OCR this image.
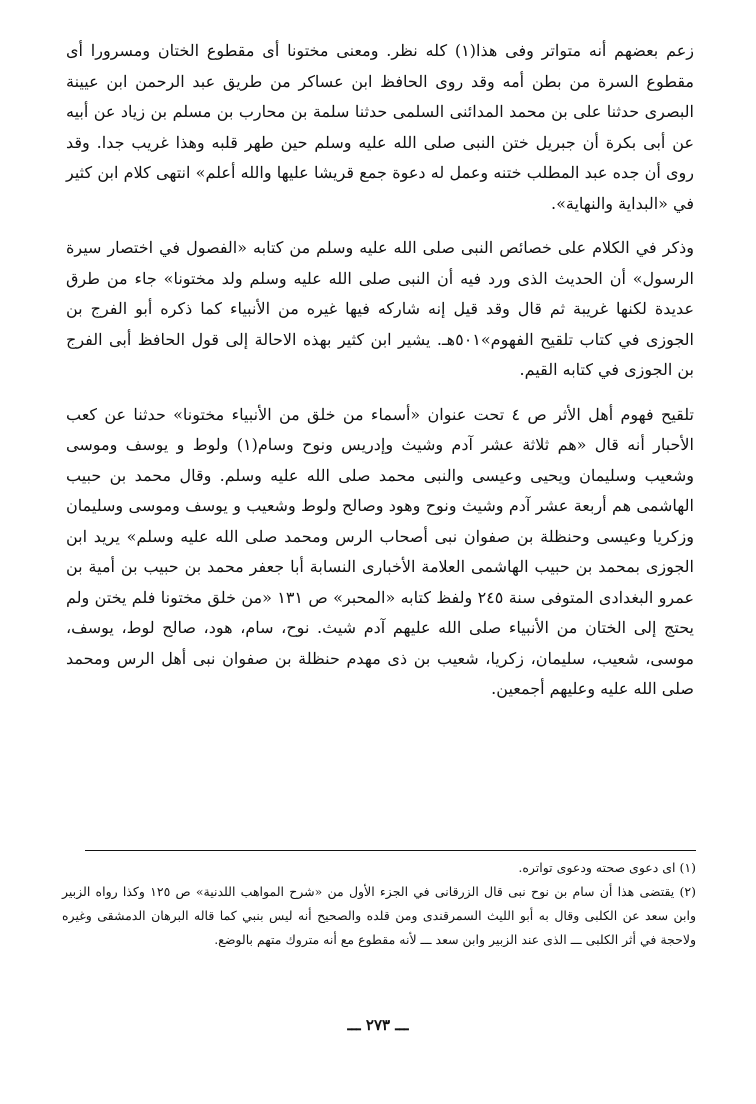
زعم بعضهم أنه متواتر وفى هذا(١) كله نظر. ومعنى مختونا أى مقطوع الختان ومسرورا أى مقطوع السرة من بطن أمه وقد روى الحافظ ابن عساكر من طريق عبد الرحمن ابن عيينة البصرى حدثنا على بن محمد المدائنى السلمى حدثنا سلمة بن محارب بن مسلم بن زياد عن أبيه عن أبى بكرة أن جبريل ختن النبى صلى الله عليه وسلم حين طهر قلبه وهذا غريب جدا. وقد روى أن جده عبد المطلب ختنه وعمل له دعوة جمع قريشا عليها والله أعلم» انتهى كلام ابن كثير في «البداية والنهاية».

وذكر في الكلام على خصائص النبى صلى الله عليه وسلم من كتابه «الفصول في اختصار سيرة الرسول» أن الحديث الذى ورد فيه أن النبى صلى الله عليه وسلم ولد مختونا» جاء من طرق عديدة لكنها غريبة ثم قال وقد قيل إنه شاركه فيها غيره من الأنبياء كما ذكره أبو الفرج بن الجوزى في كتاب تلقيح الفهوم»٥٠١هـ. يشير ابن كثير بهذه الاحالة إلى قول الحافظ أبى الفرج بن الجوزى في كتابه القيم.

تلقيح فهوم أهل الأثر ص ٤ تحت عنوان «أسماء من خلق من الأنبياء مختونا» حدثنا عن كعب الأحبار أنه قال «هم ثلاثة عشر آدم وشيث وإدريس ونوح وسام(١) ولوط و يوسف وموسى وشعيب وسليمان ويحيى وعيسى والنبى محمد صلى الله عليه وسلم. وقال محمد بن حبيب الهاشمى هم أربعة عشر آدم وشيث ونوح وهود وصالح ولوط وشعيب و يوسف وموسى وسليمان وزكريا وعيسى وحنظلة بن صفوان نبى أصحاب الرس ومحمد صلى الله عليه وسلم» يريد ابن الجوزى بمحمد بن حبيب الهاشمى العلامة الأخبارى النسابة أبا جعفر محمد بن حبيب بن أمية بن عمرو البغدادى المتوفى سنة ٢٤٥ ولفظ كتابه «المحبر» ص ١٣١ «من خلق مختونا فلم يختن ولم يحتج إلى الختان من الأنبياء صلى الله عليهم آدم شيث. نوح، سام، هود، صالح لوط، يوسف، موسى، شعيب، سليمان، زكريا، شعيب بن ذى مهدم حنظلة بن صفوان نبى أهل الرس ومحمد صلى الله عليه وعليهم أجمعين.

(١) اى دعوى صحته ودعوى تواتره.

(٢) يقتضى هذا أن سام بن نوح نبى قال الزرقانى في الجزء الأول من «شرح المواهب اللدنية» ص ١٢٥ وكذا رواه الزبير وابن سعد عن الكلبى وقال به أبو الليث السمرقندى ومن قلده والصحيح أنه ليس بنبي كما قاله البرهان الدمشقى وغيره ولاحجة في أثر الكلبى ـــ الذى عند الزبير وابن سعد ـــ لأنه مقطوع مع أنه متروك متهم بالوضع.

ـــ ٢٧٣ ـــ
